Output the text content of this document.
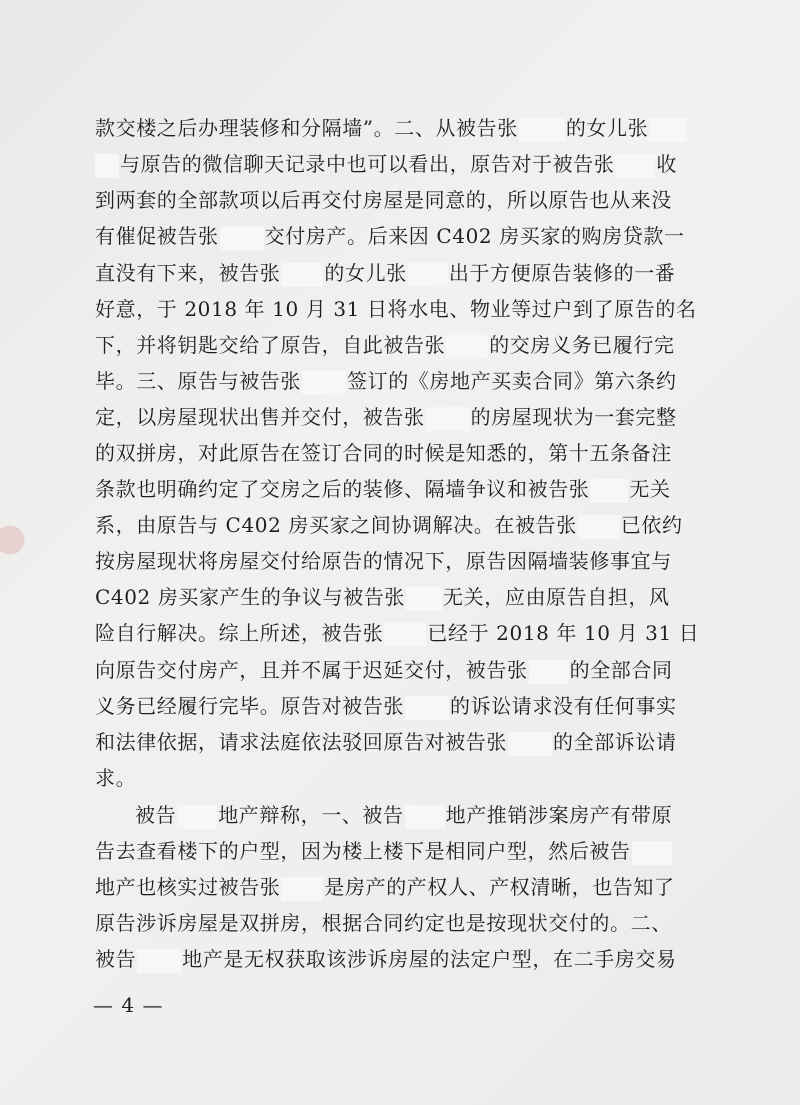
款交楼之后办理装修和分隔墙”。二、从被告张 的女儿张
与原告的微信聊天记录中也可以看出，原告对于被告张 收
到两套的全部款项以后再交付房屋是同意的，所以原告也从来没
有催促被告张 交付房产。后来因 C402 房买家的购房贷款一
直没有下来，被告张 的女儿张 出于方便原告装修的一番
好意，于 2018 年 10 月 31 日将水电、物业等过户到了原告的名
下，并将钥匙交给了原告，自此被告张 的交房义务已履行完
毕。三、原告与被告张 签订的《房地产买卖合同》第六条约
定，以房屋现状出售并交付，被告张 的房屋现状为一套完整
的双拼房，对此原告在签订合同的时候是知悉的，第十五条备注
条款也明确约定了交房之后的装修、隔墙争议和被告张 无关
系，由原告与 C402 房买家之间协调解决。在被告张 已依约
按房屋现状将房屋交付给原告的情况下，原告因隔墙装修事宜与
C402 房买家产生的争议与被告张 无关，应由原告自担，风
险自行解决。综上所述，被告张 已经于 2018 年 10 月 31 日
向原告交付房产，且并不属于迟延交付，被告张 的全部合同
义务已经履行完毕。原告对被告张 的诉讼请求没有任何事实
和法律依据，请求法庭依法驳回原告对被告张 的全部诉讼请
求。
被告 地产辩称，一、被告 地产推销涉案房产有带原
告去查看楼下的户型，因为楼上楼下是相同户型，然后被告
地产也核实过被告张 是房产的产权人、产权清晰，也告知了
原告涉诉房屋是双拼房，根据合同约定也是按现状交付的。二、
被告 地产是无权获取该涉诉房屋的法定户型，在二手房交易
— 4 —
